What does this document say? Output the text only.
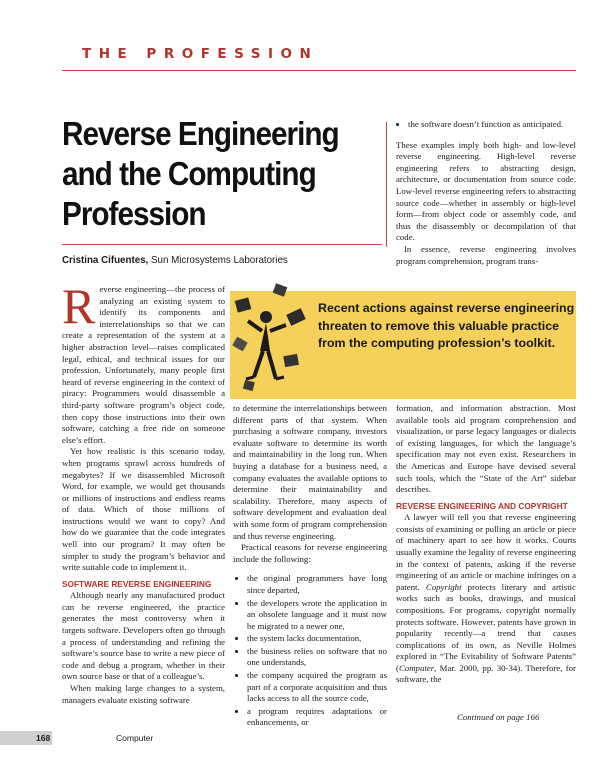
THE PROFESSION
Reverse Engineering and the Computing Profession
Cristina Cifuentes, Sun Microsystems Laboratories
• the software doesn’t function as anticipated.

These examples imply both high- and low-level reverse engineering. High-level reverse engineering refers to abstracting design, architecture, or documentation from source code. Low-level reverse engineering refers to abstracting source code—whether in assembly or high-level form—from object code or assembly code, and thus the disassembly or decompilation of that code.

In essence, reverse engineering involves program comprehension, program trans-

Recent actions against reverse engineering threaten to remove this valuable practice from the computing profession’s toolkit.

Reverse engineering—the process of analyzing an existing system to identify its components and interrelationships so that we can create a representation of the system at a higher abstraction level—raises complicated legal, ethical, and technical issues for our profession. Unfortunately, many people first heard of reverse engineering in the context of piracy: Programmers would disassemble a third-party software program’s object code, then copy those instructions into their own software, catching a free ride on someone else’s effort.

Yet how realistic is this scenario today, when programs sprawl across hundreds of megabytes? If we disassembled Microsoft Word, for example, we would get thousands or millions of instructions and endless reams of data. Which of those millions of instructions would we want to copy? And how do we guarantee that the code integrates well into our program? It may often be simpler to study the program’s behavior and write suitable code to implement it.

SOFTWARE REVERSE ENGINEERING

Although nearly any manufactured product can be reverse engineered, the practice generates the most controversy when it targets software. Developers often go through a process of understanding and refining the software’s source base to write a new piece of code and debug a program, whether in their own source base or that of a colleague’s.

When making large changes to a system, managers evaluate existing software

to determine the interrelationships between different parts of that system. When purchasing a software company, investors evaluate software to determine its worth and maintainability in the long run. When buying a database for a business need, a company evaluates the available options to determine their maintainability and scalability. Therefore, many aspects of software development and evaluation deal with some form of program comprehension and thus reverse engineering.

Practical reasons for reverse engineering include the following:

• the original programmers have long since departed,
• the developers wrote the application in an obsolete language and it must now be migrated to a newer one,
• the system lacks documentation,
• the business relies on software that no one understands,
• the company acquired the program as part of a corporate acquisition and thus lacks access to all the source code,
• a program requires adaptations or enhancements, or

formation, and information abstraction. Most available tools aid program comprehension and visualization, or parse legacy languages or dialects of existing languages, for which the language’s specification may not even exist. Researchers in the Americas and Europe have devised several such tools, which the “State of the Art” sidebar describes.

REVERSE ENGINEERING AND COPYRIGHT

A lawyer will tell you that reverse engineering consists of examining or pulling an article or piece of machinery apart to see how it works. Courts usually examine the legality of reverse engineering in the context of patents, asking if the reverse engineering of an article or machine infringes on a patent. Copyright protects literary and artistic works such as books, drawings, and musical compositions. For programs, copyright normally protects software. However, patents have grown in popularity recently—a trend that causes complications of its own, as Neville Holmes explored in “The Evitability of Software Patents” (Computer, Mar. 2000, pp. 30-34). Therefore, for software, the

Continued on page 166
168	Computer
